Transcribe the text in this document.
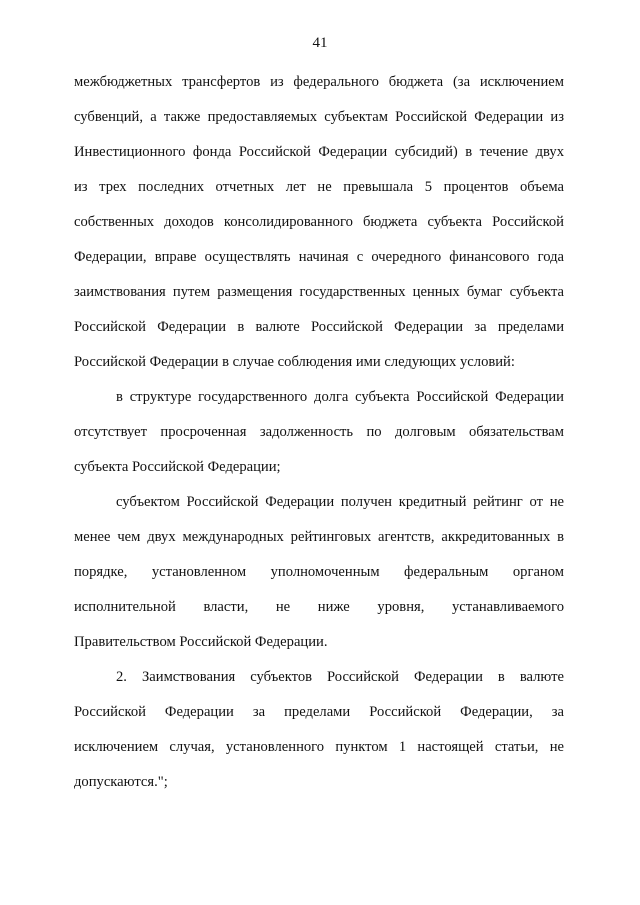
41
межбюджетных трансфертов из федерального бюджета (за исключением
субвенций, а также предоставляемых субъектам Российской Федерации из
Инвестиционного фонда Российской Федерации субсидий) в течение двух
из трех последних отчетных лет не превышала 5 процентов объема
собственных доходов консолидированного бюджета субъекта Российской
Федерации, вправе осуществлять начиная с очередного финансового года
заимствования путем размещения государственных ценных бумаг субъекта
Российской Федерации в валюте Российской Федерации за пределами
Российской Федерации в случае соблюдения ими следующих условий:
в структуре государственного долга субъекта Российской Федерации
отсутствует просроченная задолженность по долговым обязательствам
субъекта Российской Федерации;
субъектом Российской Федерации получен кредитный рейтинг от не
менее чем двух международных рейтинговых агентств, аккредитованных в
порядке, установленном уполномоченным федеральным органом
исполнительной власти, не ниже уровня, устанавливаемого
Правительством Российской Федерации.
2. Заимствования субъектов Российской Федерации в валюте
Российской Федерации за пределами Российской Федерации, за
исключением случая, установленного пунктом 1 настоящей статьи, не
допускаются.";
